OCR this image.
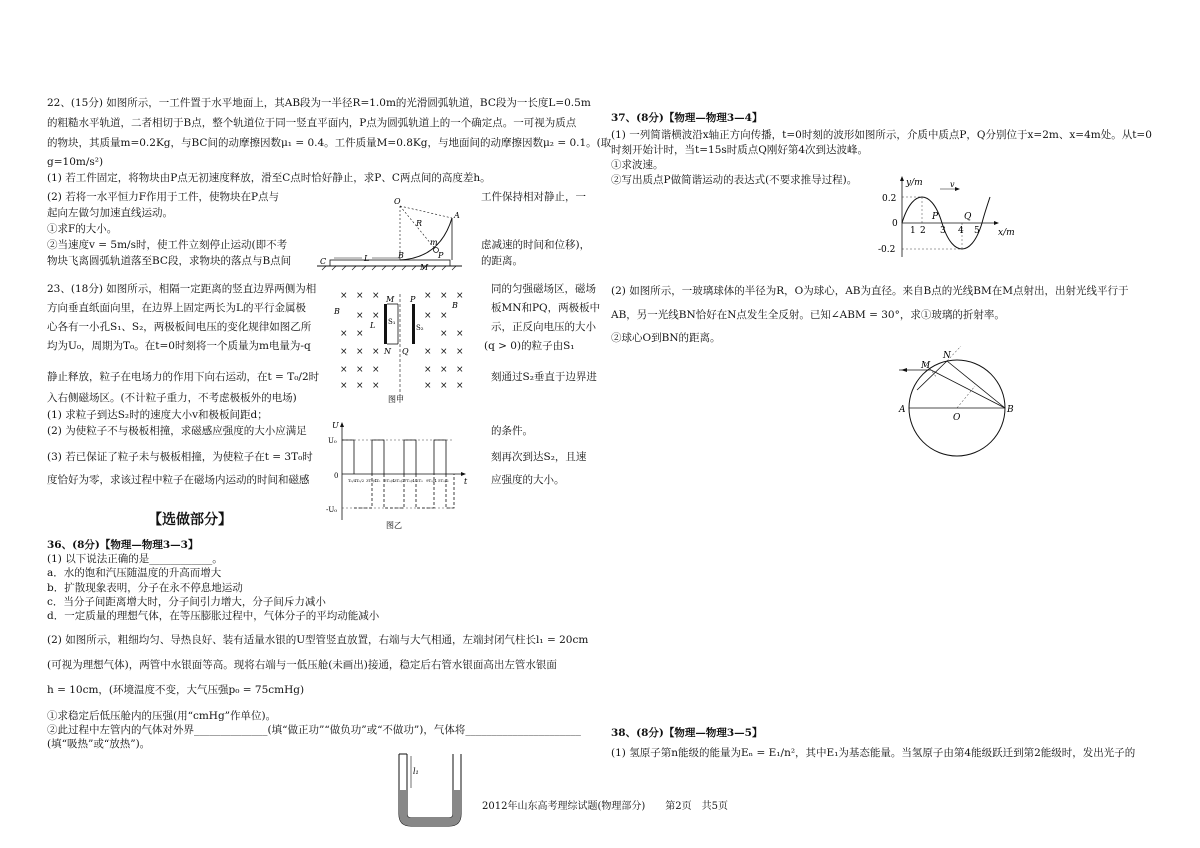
22、(15分) 如图所示，一工件置于水平地面上，其AB段为一半径R=1.0m的光滑圆弧轨道，BC段为一长度L=0.5m

的粗糙水平轨道，二者相切于B点，整个轨道位于同一竖直平面内，P点为圆弧轨道上的一个确定点。一可视为质点

的物块，其质量m=0.2Kg，与BC间的动摩擦因数μ₁ = 0.4。工件质量M=0.8Kg，与地面间的动摩擦因数μ₂ = 0.1。(取

g=10m/s²)

(1) 若工件固定，将物块由P点无初速度释放，滑至C点时恰好静止，求P、C两点间的高度差h。

(2) 若将一水平恒力F作用于工件，使物块在P点与	工件保持相对静止，一
起向左做匀加速直线运动。
①求F的大小。
②当速度v = 5m/s时，使工件立刻停止运动(即不考	虑减速的时间和位移)，
物块飞离圆弧轨道落至BC段，求物块的落点与B点间	的距离。
O
R
A
m
P
C	L	B
M
23、(18分) 如图所示，相隔一定距离的竖直边界两侧为相	同的匀强磁场区，磁场
方向垂直纸面向里，在边界上固定两长为L的平行金属极	板MN和PQ，两极板中
心各有一小孔S₁、S₂，两极板间电压的变化规律如图乙所	示，正反向电压的大小
均为U₀，周期为T₀。在t=0时刻将一个质量为m电量为-q	(q > 0)的粒子由S₁
静止释放，粒子在电场力的作用下向右运动，在t = T₀/2时	刻通过S₂垂直于边界进
入右侧磁场区。(不计粒子重力，不考虑极板外的电场)
(1) 求粒子到达S₂时的速度大小v和极板间距d；
(2) 为使粒子不与极板相撞，求磁感应强度的大小应满足	的条件。
(3) 若已保证了粒子未与极板相撞，为使粒子在t = 3T₀时	刻再次到达S₂，且速
度恰好为零，求该过程中粒子在磁场内运动的时间和磁感	应强度的大小。
× × ×	× × ×
× ×	× ×
× ×	× ×
× × ×	× × ×
× × ×	× × ×
× × ×	× × ×
B
B
M P
N Q
L S₁
S₂
图甲
U
U₀
0
-U₀
t
T₀/4 T₀/2 3T₀/4 T₀ 5T₀/4 3T₀/2 7T₀/4 2T₀ 9T₀/4 5T₀/2
图乙
【选做部分】

36、(8分)【物理—物理3—3】

(1) 以下说法正确的是____________。

a．水的饱和汽压随温度的升高而增大

b．扩散现象表明，分子在永不停息地运动

c．当分子间距离增大时，分子间引力增大，分子间斥力减小

d．一定质量的理想气体，在等压膨胀过程中，气体分子的平均动能减小

(2) 如图所示，粗细均匀、导热良好、装有适量水银的U型管竖直放置，右端与大气相通，左端封闭气柱长l₁ = 20cm

(可视为理想气体)，两管中水银面等高。现将右端与一低压舱(未画出)接通，稳定后右管水银面高出左管水银面

h = 10cm，(环境温度不变，大气压强p₀ = 75cmHg)

①求稳定后低压舱内的压强(用“cmHg”作单位)。

②此过程中左管内的气体对外界______________(填“做正功”“做负功”或“不做功”)，气体将______________________

(填“吸热”或“放热”)。

l₁
37、(8分)【物理—物理3—4】
(1) 一列简谐横波沿x轴正方向传播，t=0时刻的波形如图所示，介质中质点P，Q分别位于x=2m、x=4m处。从t=0
时刻开始计时，当t=15s时质点Q刚好第4次到达波峰。
①求波速。
②写出质点P做简谐运动的表达式(不要求推导过程)。	y/m
x/m
v
0.2
0
-0.2
1 2 3 4 5
P	Q
(2) 如图所示，一玻璃球体的半径为R，O为球心，AB为直径。来自B点的光线BM在M点射出，出射光线平行于
AB，另一光线BN恰好在N点发生全反射。已知∠ABM = 30°，求①玻璃的折射率。
②球心O到BN的距离。
A	B
O
M
N
38、(8分)【物理—物理3—5】
(1) 氢原子第n能级的能量为Eₙ = E₁/n²，其中E₁为基态能量。当氢原子由第4能级跃迁到第2能级时，发出光子的
2012年山东高考理综试题(物理部分)　　第2页　共5页
